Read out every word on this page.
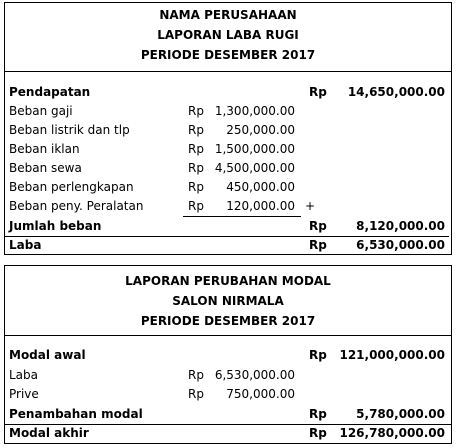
NAMA PERUSAHAAN
LAPORAN LABA RUGI
PERIODE DESEMBER 2017
Pendapatan	Rp 14,650,000.00
Beban gaji	Rp 1,300,000.00
Beban listrik dan tlp	Rp 250,000.00
Beban iklan	Rp 1,500,000.00
Beban sewa	Rp 4,500,000.00
Beban perlengkapan	Rp 450,000.00
Beban peny. Peralatan	Rp 120,000.00 +
Jumlah beban	Rp 8,120,000.00
Laba	Rp 6,530,000.00
LAPORAN PERUBAHAN MODAL
SALON NIRMALA
PERIODE DESEMBER 2017
Modal awal	Rp 121,000,000.00
Laba	Rp 6,530,000.00
Prive	Rp 750,000.00
Penambahan modal	Rp 5,780,000.00
Modal akhir	Rp 126,780,000.00
